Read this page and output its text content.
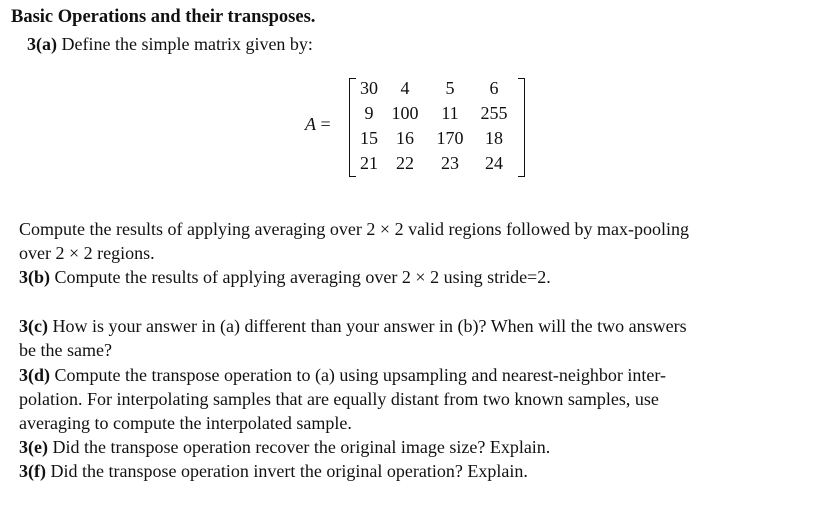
Basic Operations and their transposes.
3(a) Define the simple matrix given by:
A =
30	4	5	6
9	100	11	255
15	16	170	18
21	22	23	24
Compute the results of applying averaging over 2 × 2 valid regions followed by max-pooling
over 2 × 2 regions.
3(b) Compute the results of applying averaging over 2 × 2 using stride=2.
3(c) How is your answer in (a) different than your answer in (b)? When will the two answers
be the same?
3(d) Compute the transpose operation to (a) using upsampling and nearest-neighbor inter-
polation. For interpolating samples that are equally distant from two known samples, use
averaging to compute the interpolated sample.
3(e) Did the transpose operation recover the original image size? Explain.
3(f) Did the transpose operation invert the original operation? Explain.
